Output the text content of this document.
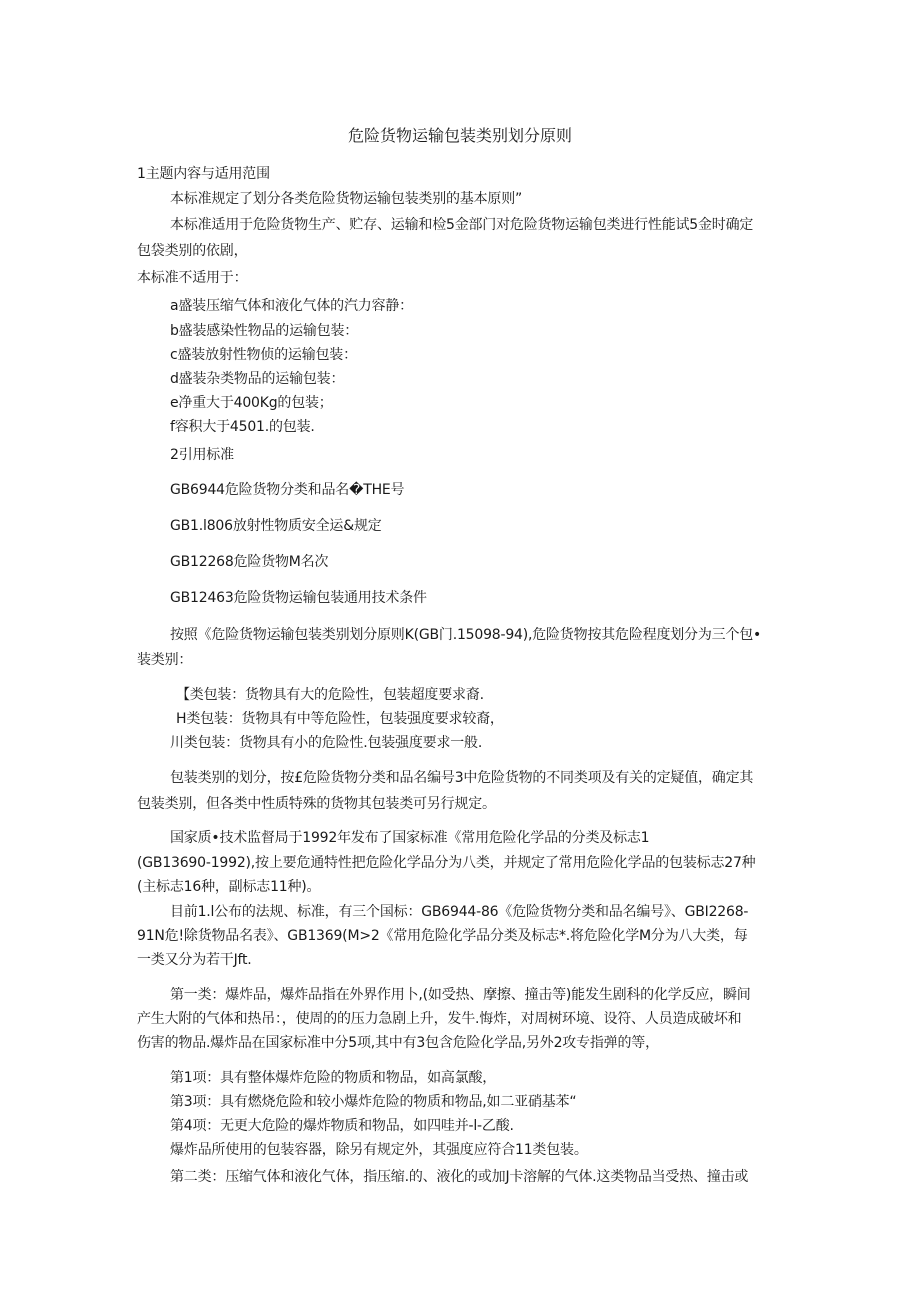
危险货物运输包装类别划分原则
1主题内容与适用范围
本标准规定了划分各类危险货物运输包装类别的基本原则”
本标准适用于危险货物生产、贮存、运输和检5金部门对危险货物运输包类进行性能试5金时确定
包袋类别的依剧，
本标准不适用于：
a盛装压缩气体和液化气体的汽力容静：
b盛装感染性物品的运输包装：
c盛装放射性物侦的运输包装：
d盛装杂类物品的运输包装：
e净重大于400Kg的包装；
f容积大于4501.的包装.
2引用标准
GB6944危险货物分类和品名�THE号
GB1.l806放射性物质安全运&规定
GB12268危险货物M名次
GB12463危险货物运输包装通用技术条件
按照《危险货物运输包装类别划分原则K(GB门.15098-94),危险货物按其危险程度划分为三个包•
装类别：
【类包装：货物具有大的危险性，包装超度要求裔.
H类包装：货物具有中等危险性，包装强度要求较裔，
川类包装：货物具有小的危险性.包装强度要求一般.
包装类别的划分，按£危险货物分类和品名编号3中危险货物的不同类项及有关的定疑值，确定其
包装类别，但各类中性质特殊的货物其包装类可另行规定。
国家质•技术监督局于1992年发布了国家标准《常用危险化学品的分类及标志1
(GB13690-1992),按上要危通特性把危险化学品分为八类，并规定了常用危险化学品的包装标志27种
(主标志16种，副标志11种)。
目前1.l公布的法规、标准，有三个国标：GB6944-86《危险货物分类和品名编号》、GBI2268-
91N危!除货物品名表》、GB1369(M>2《常用危险化学品分类及标志*.将危险化学M分为八大类，每
一类又分为若干Jft.
第一类：爆炸品，爆炸品指在外界作用卜,(如受热、摩擦、撞击等)能发生剧科的化学反应，瞬间
产生大附的气体和热吊：，使周的的压力急剧上升，发牛.悔炸，对周树环境、设符、人员造成破坏和
伤害的物品.爆炸品在国家标准中分5项,其中有3包含危险化学品,另外2攻专指弹的等，
第1项：具有整体爆炸危险的物质和物品，如高氯酸，
第3项：具有燃烧危险和较小爆炸危险的物质和物品,如二亚硝基苯“
第4项：无更大危险的爆炸物质和物品，如四哇并-l-乙酸.
爆炸品所使用的包装容器，除另有规定外，其强度应符合11类包装。
第二类：压缩气体和液化气体，指压缩.的、液化的或加J卡溶解的气体.这类物品当受热、撞击或
